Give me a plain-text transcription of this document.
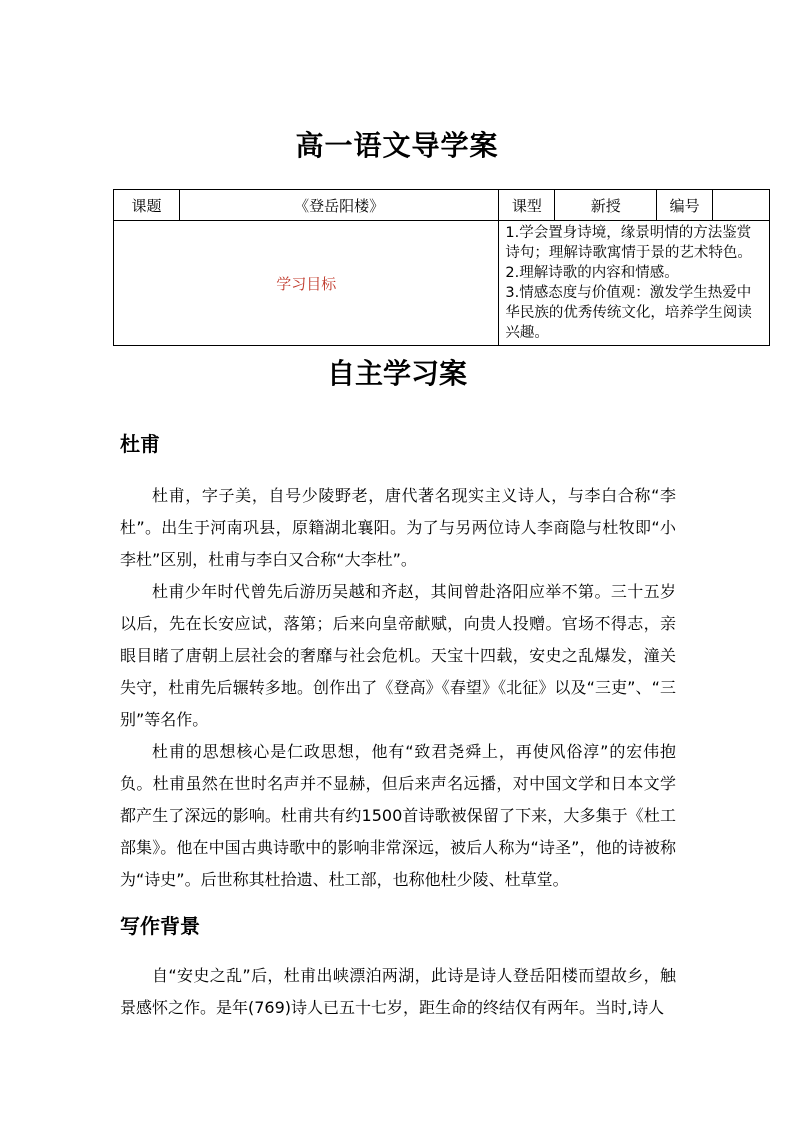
高一语文导学案
课题	《登岳阳楼》	课型	新授	编号	
学习目标		1.学会置身诗境，缘景明情的方法鉴赏诗句；理解诗歌寓情于景的艺术特色。
2.理解诗歌的内容和情感。
3.情感态度与价值观：激发学生热爱中华民族的优秀传统文化，培养学生阅读兴趣。			
自主学习案
杜甫

杜甫，字子美，自号少陵野老，唐代著名现实主义诗人，与李白合称“李杜”。出生于河南巩县，原籍湖北襄阳。为了与另两位诗人李商隐与杜牧即“小李杜”区别，杜甫与李白又合称“大李杜”。

杜甫少年时代曾先后游历吴越和齐赵，其间曾赴洛阳应举不第。三十五岁以后，先在长安应试，落第；后来向皇帝献赋，向贵人投赠。官场不得志，亲眼目睹了唐朝上层社会的奢靡与社会危机。天宝十四载，安史之乱爆发，潼关失守，杜甫先后辗转多地。创作出了《登高》《春望》《北征》以及“三吏”、“三别”等名作。

杜甫的思想核心是仁政思想，他有“致君尧舜上，再使风俗淳”的宏伟抱负。杜甫虽然在世时名声并不显赫，但后来声名远播，对中国文学和日本文学都产生了深远的影响。杜甫共有约1500首诗歌被保留了下来，大多集于《杜工部集》。他在中国古典诗歌中的影响非常深远，被后人称为“诗圣”，他的诗被称为“诗史”。后世称其杜拾遗、杜工部，也称他杜少陵、杜草堂。

写作背景

自“安史之乱”后，杜甫出峡漂泊两湖，此诗是诗人登岳阳楼而望故乡，触景感怀之作。是年(769)诗人已五十七岁，距生命的终结仅有两年。当时,诗人
